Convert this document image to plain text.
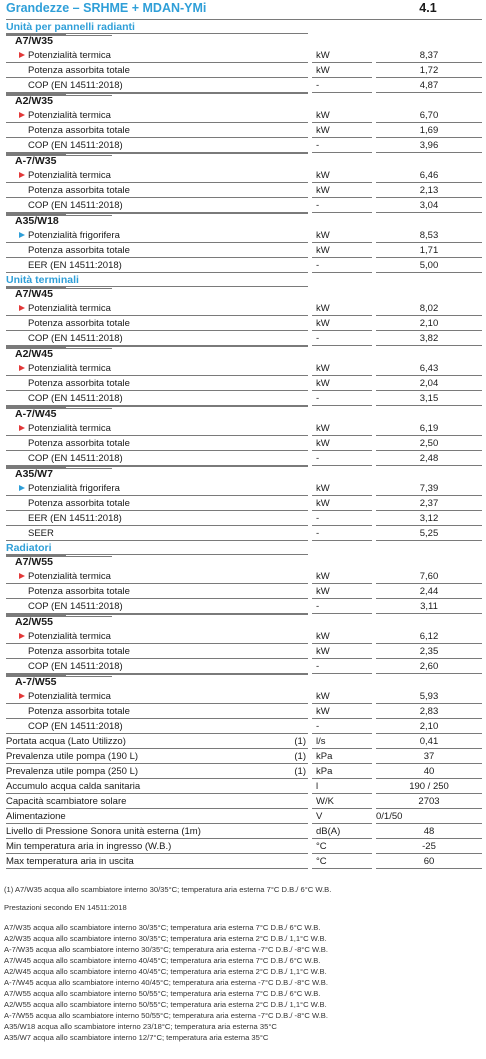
Grandezze – SRHME + MDAN-YMi	4.1
Unità per pannelli radianti
A7/W35
Potenzialità termica	kW	8,37
Potenza assorbita totale	kW	1,72
COP (EN 14511:2018)	-	4,87
A2/W35
Potenzialità termica	kW	6,70
Potenza assorbita totale	kW	1,69
COP (EN 14511:2018)	-	3,96
A-7/W35
Potenzialità termica	kW	6,46
Potenza assorbita totale	kW	2,13
COP (EN 14511:2018)	-	3,04
A35/W18
Potenzialità frigorifera	kW	8,53
Potenza assorbita totale	kW	1,71
EER (EN 14511:2018)	-	5,00
Unità terminali
A7/W45
Potenzialità termica	kW	8,02
Potenza assorbita totale	kW	2,10
COP (EN 14511:2018)	-	3,82
A2/W45
Potenzialità termica	kW	6,43
Potenza assorbita totale	kW	2,04
COP (EN 14511:2018)	-	3,15
A-7/W45
Potenzialità termica	kW	6,19
Potenza assorbita totale	kW	2,50
COP (EN 14511:2018)	-	2,48
A35/W7
Potenzialità frigorifera	kW	7,39
Potenza assorbita totale	kW	2,37
EER (EN 14511:2018)	-	3,12
SEER	-	5,25
Radiatori
A7/W55
Potenzialità termica	kW	7,60
Potenza assorbita totale	kW	2,44
COP (EN 14511:2018)	-	3,11
A2/W55
Potenzialità termica	kW	6,12
Potenza assorbita totale	kW	2,35
COP (EN 14511:2018)	-	2,60
A-7/W55
Potenzialità termica	kW	5,93
Potenza assorbita totale	kW	2,83
COP (EN 14511:2018)	-	2,10
Portata acqua (Lato Utilizzo)	(1) l/s	0,41
Prevalenza utile pompa (190 L)	(1) kPa	37
Prevalenza utile pompa (250 L)	(1) kPa	40
Accumulo acqua calda sanitaria	l	190 / 250
Capacità scambiatore solare	W/K	2703
Alimentazione	V	0/1/50
Livello di Pressione Sonora unità esterna (1m)	dB(A)	48
Min temperatura aria in ingresso (W.B.)	°C	-25
Max temperatura aria in uscita	°C	60
(1) A7/W35 acqua allo scambiatore interno 30/35°C; temperatura aria esterna 7°C D.B./ 6°C W.B.
Prestazioni secondo EN 14511:2018
A7/W35 acqua allo scambiatore interno 30/35°C; temperatura aria esterna 7°C D.B./ 6°C W.B.
A2/W35 acqua allo scambiatore interno 30/35°C; temperatura aria esterna 2°C D.B./ 1,1°C W.B.
A-7/W35 acqua allo scambiatore interno 30/35°C; temperatura aria esterna -7°C D.B./ -8°C W.B.
A7/W45 acqua allo scambiatore interno 40/45°C; temperatura aria esterna 7°C D.B./ 6°C W.B.
A2/W45 acqua allo scambiatore interno 40/45°C; temperatura aria esterna 2°C D.B./ 1,1°C W.B.
A-7/W45 acqua allo scambiatore interno 40/45°C; temperatura aria esterna -7°C D.B./ -8°C W.B.
A7/W55 acqua allo scambiatore interno 50/55°C; temperatura aria esterna 7°C D.B./ 6°C W.B.
A2/W55 acqua allo scambiatore interno 50/55°C; temperatura aria esterna 2°C D.B./ 1,1°C W.B.
A-7/W55 acqua allo scambiatore interno 50/55°C; temperatura aria esterna -7°C D.B./ -8°C W.B.
A35/W18 acqua allo scambiatore interno 23/18°C; temperatura aria esterna 35°C
A35/W7 acqua allo scambiatore interno 12/7°C; temperatura aria esterna 35°C
